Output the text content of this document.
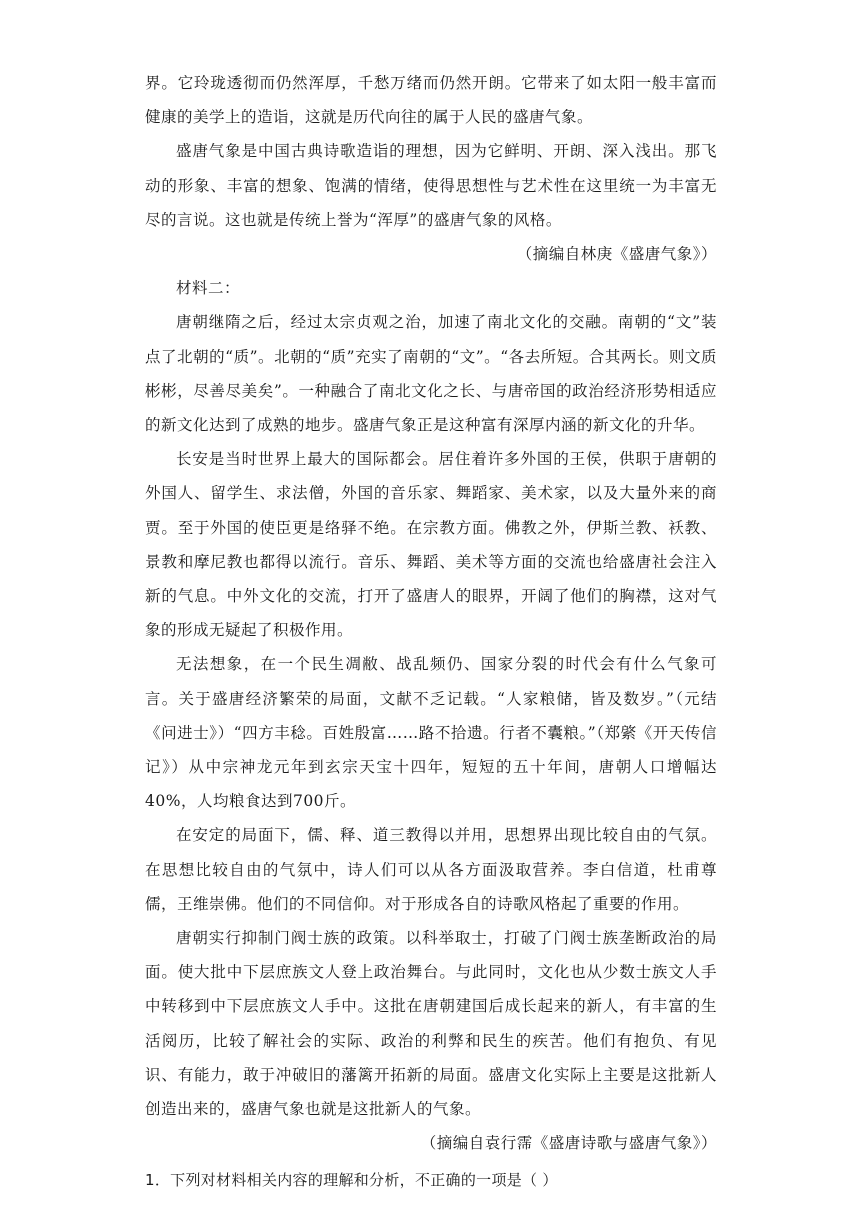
界。它玲珑透彻而仍然浑厚，千愁万绪而仍然开朗。它带来了如太阳一般丰富而健康的美学上的造诣，这就是历代向往的属于人民的盛唐气象。

盛唐气象是中国古典诗歌造诣的理想，因为它鲜明、开朗、深入浅出。那飞动的形象、丰富的想象、饱满的情绪，使得思想性与艺术性在这里统一为丰富无尽的言说。这也就是传统上誉为“浑厚”的盛唐气象的风格。

（摘编自林庚《盛唐气象》）

材料二：

唐朝继隋之后，经过太宗贞观之治，加速了南北文化的交融。南朝的“文”装点了北朝的“质”。北朝的“质”充实了南朝的“文”。“各去所短。合其两长。则文质彬彬，尽善尽美矣”。一种融合了南北文化之长、与唐帝国的政治经济形势相适应的新文化达到了成熟的地步。盛唐气象正是这种富有深厚内涵的新文化的升华。

长安是当时世界上最大的国际都会。居住着许多外国的王侯，供职于唐朝的外国人、留学生、求法僧，外国的音乐家、舞蹈家、美术家，以及大量外来的商贾。至于外国的使臣更是络驿不绝。在宗教方面。佛教之外，伊斯兰教、袄教、景教和摩尼教也都得以流行。音乐、舞蹈、美术等方面的交流也给盛唐社会注入新的气息。中外文化的交流，打开了盛唐人的眼界，开阔了他们的胸襟，这对气象的形成无疑起了积极作用。

无法想象，在一个民生凋敝、战乱频仍、国家分裂的时代会有什么气象可言。关于盛唐经济繁荣的局面，文献不乏记载。“人家粮储，皆及数岁。”（元结《问进士》）“四方丰稔。百姓殷富……路不拾遗。行者不囊粮。”（郑綮《开天传信记》）从中宗神龙元年到玄宗天宝十四年，短短的五十年间，唐朝人口增幅达40%，人均粮食达到700斤。

在安定的局面下，儒、释、道三教得以并用，思想界出现比较自由的气氛。在思想比较自由的气氛中，诗人们可以从各方面汲取营养。李白信道，杜甫尊儒，王维崇佛。他们的不同信仰。对于形成各自的诗歌风格起了重要的作用。

唐朝实行抑制门阀士族的政策。以科举取士，打破了门阀士族垄断政治的局面。使大批中下层庶族文人登上政治舞台。与此同时，文化也从少数士族文人手中转移到中下层庶族文人手中。这批在唐朝建国后成长起来的新人，有丰富的生活阅历，比较了解社会的实际、政治的利弊和民生的疾苦。他们有抱负、有见识、有能力，敢于冲破旧的藩篱开拓新的局面。盛唐文化实际上主要是这批新人创造出来的，盛唐气象也就是这批新人的气象。

（摘编自袁行霈《盛唐诗歌与盛唐气象》）

1．下列对材料相关内容的理解和分析，不正确的一项是（ ）
